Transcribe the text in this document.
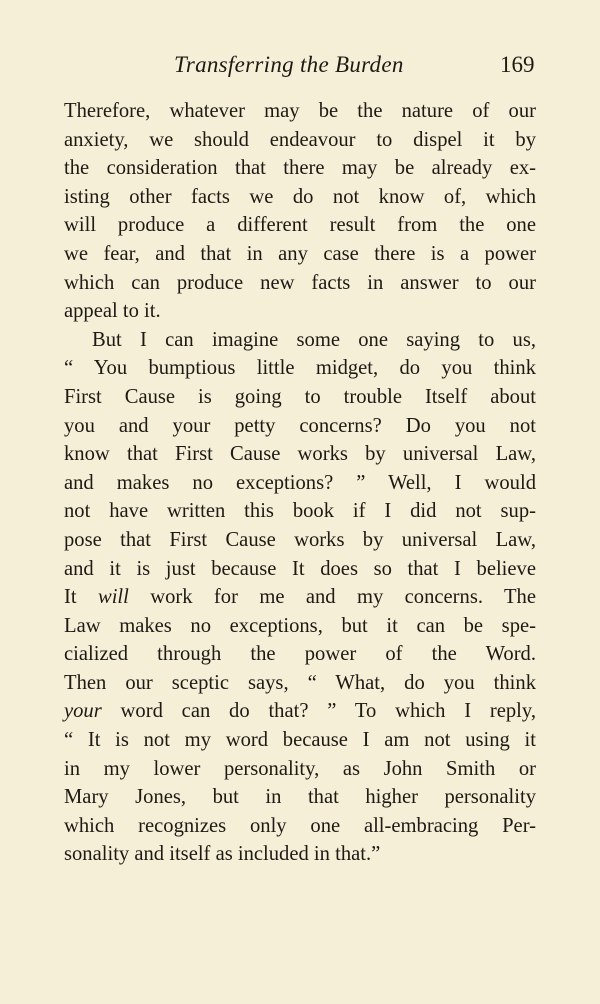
Transferring the Burden	169
Therefore, whatever may be the nature of our
anxiety, we should endeavour to dispel it by
the consideration that there may be already ex-
isting other facts we do not know of, which
will produce a different result from the one
we fear, and that in any case there is a power
which can produce new facts in answer to our
appeal to it.
But I can imagine some one saying to us,
“ You bumptious little midget, do you think
First Cause is going to trouble Itself about
you and your petty concerns? Do you not
know that First Cause works by universal Law,
and makes no exceptions? ” Well, I would
not have written this book if I did not sup-
pose that First Cause works by universal Law,
and it is just because It does so that I believe
It will work for me and my concerns. The
Law makes no exceptions, but it can be spe-
cialized through the power of the Word.
Then our sceptic says, “ What, do you think
your word can do that? ” To which I reply,
“ It is not my word because I am not using it
in my lower personality, as John Smith or
Mary Jones, but in that higher personality
which recognizes only one all-embracing Per-
sonality and itself as included in that.”
